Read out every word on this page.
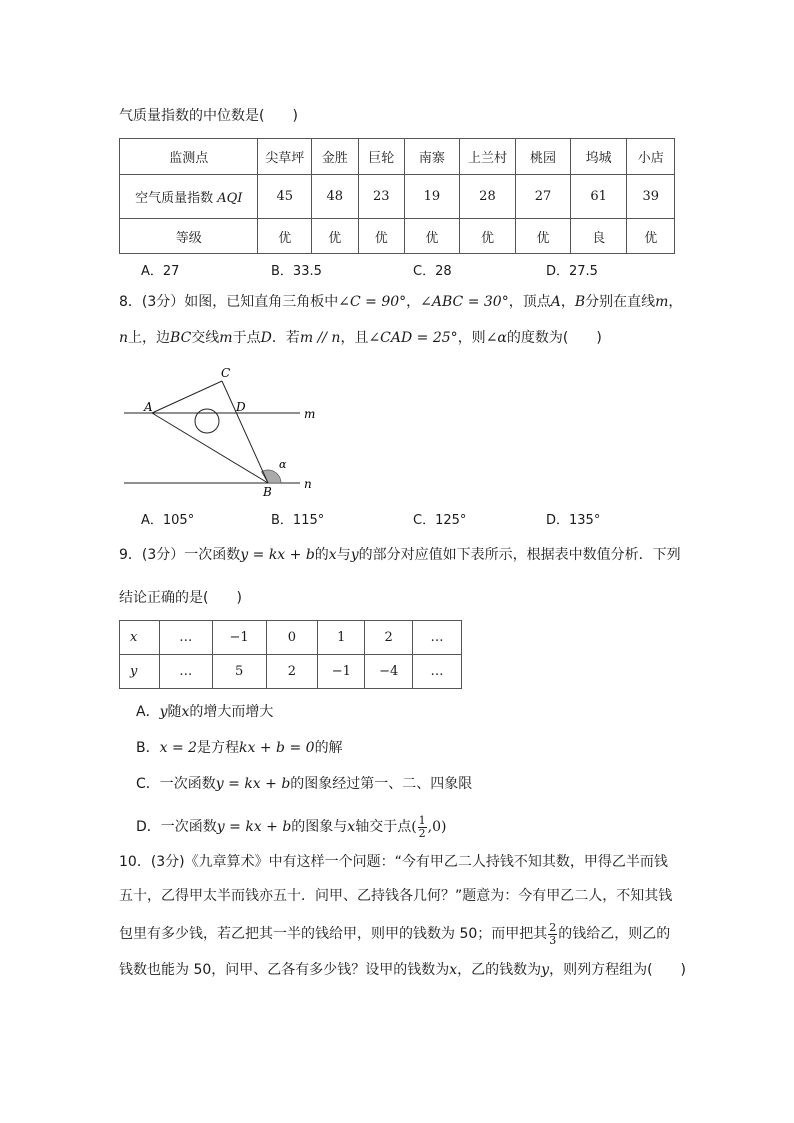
气质量指数的中位数是(　　)
监测点	尖草坪	金胜	巨轮	南寨	上兰村	桃园	坞城	小店
空气质量指数 AQI	45	48	23	19	28	27	61	39
等级	优	优	优	优	优	优	良	优
A．27	B．33.5	C．28	D．27.5
8．(3分）如图，已知直角三角板中∠C = 90°，∠ABC = 30°，顶点A，B分别在直线m，
n上，边BC交线m于点D．若m // n，且∠CAD = 25°，则∠α的度数为(　　)
A
C
D	m
n
B
α
A．105°	B．115°	C．125°	D．135°
9．(3分）一次函数y = kx + b的x与y的部分对应值如下表所示，根据表中数值分析．下列
结论正确的是(　　)
x	…	−1	0	1	2	…
y	…	5	2	−1	−4	…
A．y随x的增大而增大
B．x = 2是方程kx + b = 0的解
C．一次函数y = kx + b的图象经过第一、二、四象限
D．一次函数y = kx + b的图象与x轴交于点( $\frac{1}{2} ,0$)
10．(3分)《九章算术》中有这样一个问题：“今有甲乙二人持钱不知其数，甲得乙半而钱
五十，乙得甲太半而钱亦五十．问甲、乙持钱各几何？”题意为：今有甲乙二人，不知其钱
包里有多少钱，若乙把其一半的钱给甲，则甲的钱数为 50；而甲把其 $\frac{2}{3}$ 的钱给乙，则乙的
钱数也能为 50，问甲、乙各有多少钱？设甲的钱数为x，乙的钱数为y，则列方程组为(　　)
